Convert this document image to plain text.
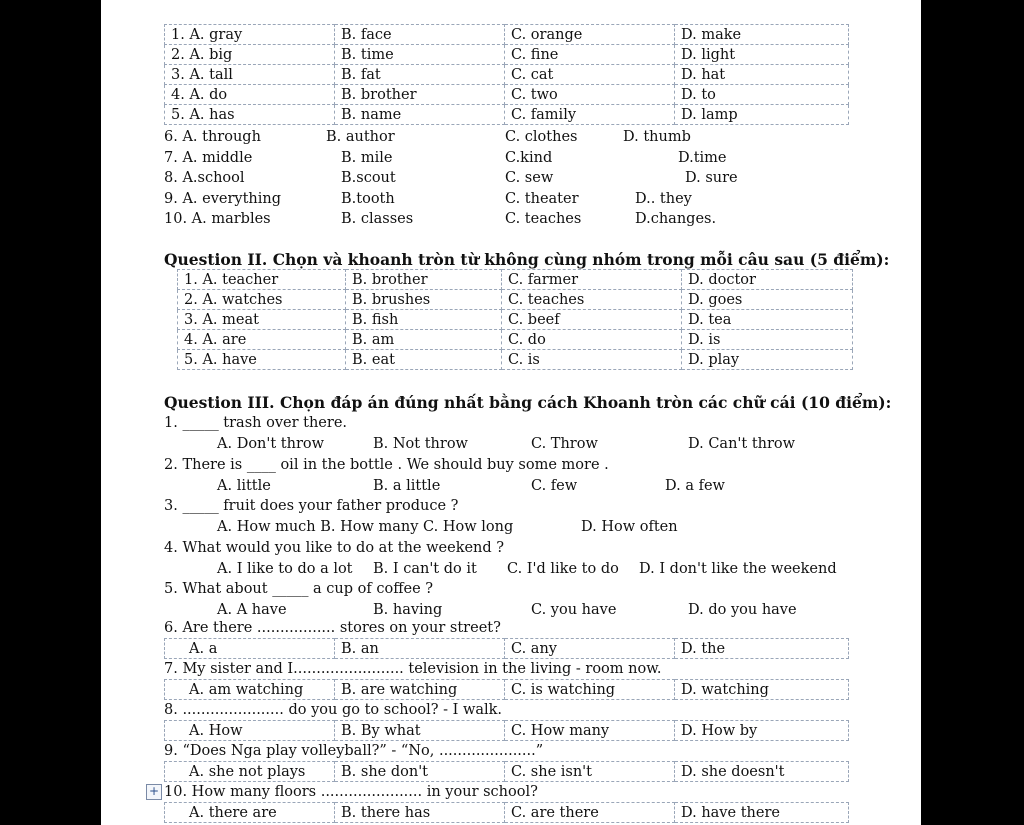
1. A. gray	B. face	C. orange	D. make
2. A. big	B. time	C. fine	D. light
3. A. tall	B. fat	C. cat	D. hat
4. A. do	B. brother	C. two	D. to
5. A. has	B. name	C. family	D. lamp
6. A. through	B. author	C. clothes	D. thumb
7. A. middle	B. mile	C.kind	D.time
8. A.school	B.scout	C. sew	D. sure
9. A. everything	B.tooth	C. theater	D.. they
10. A. marbles	B. classes	C. teaches	D.changes.
Question II. Chọn và khoanh tròn từ không cùng nhóm trong mỗi câu sau (5 điểm):
1. A. teacher	B. brother	C. farmer	D. doctor
2. A. watches	B. brushes	C. teaches	D. goes
3. A. meat	B. fish	C. beef	D. tea
4. A. are	B. am	C. do	D. is
5. A. have	B. eat	C. is	D. play
Question III. Chọn đáp án đúng nhất bằng cách Khoanh tròn các chữ cái (10 điểm):
1. _____ trash over there.
A. Don't throw	B. Not throw	C. Throw	D. Can't throw
2. There is ____ oil in the bottle . We should buy some more .
A. little	B. a little	C. few	D. a few
3. _____ fruit does your father produce ?
A. How much B. How many C. How long	D. How often
4. What would you like to do at the weekend ?
A. I like to do a lot B. I can't do it C. I'd like to do D. I don't like the weekend
5. What about _____ a cup of coffee ?
A. A have	B. having	C. you have	D. do you have
6. Are there ................. stores on your street?
A. a	B. an	C. any	D. the
7. My sister and I........................ television in the living - room now.
A. am watching	B. are watching	C. is watching	D. watching
8. ...................... do you go to school? - I walk.
A. How	B. By what	C. How many	D. How by
9. “Does Nga play volleyball?” - “No, .....................”
A. she not plays	B. she don't	C. she isn't	D. she doesn't
10. How many floors ...................... in your school?
A. there are	B. there has	C. are there	D. have there
+
